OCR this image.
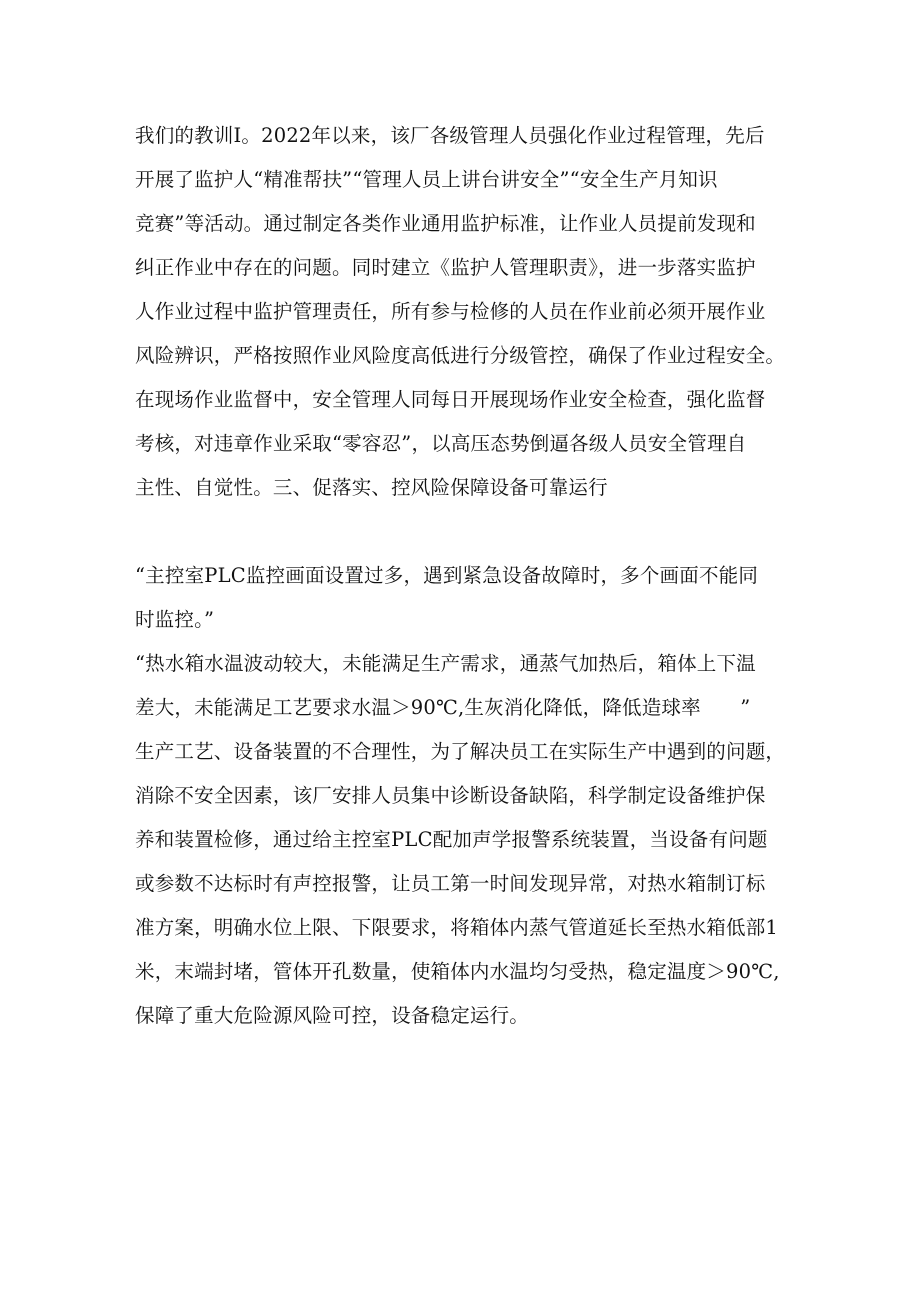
我们的教训Ⅰ。2022年以来，该厂各级管理人员强化作业过程管理，先后
开展了监护人“精准帮扶”“管理人员上讲台讲安全”“安全生产月知识
竞赛”等活动。通过制定各类作业通用监护标准，让作业人员提前发现和
纠正作业中存在的问题。同时建立《监护人管理职责》，进一步落实监护
人作业过程中监护管理责任，所有参与检修的人员在作业前必须开展作业
风险辨识，严格按照作业风险度高低进行分级管控，确保了作业过程安全。
在现场作业监督中，安全管理人同每日开展现场作业安全检查，强化监督
考核，对违章作业采取“零容忍”，以高压态势倒逼各级人员安全管理自
主性、自觉性。三、促落实、控风险保障设备可靠运行
“主控室PLC监控画面设置过多，遇到紧急设备故障时，多个画面不能同
时监控。”
“热水箱水温波动较大，未能满足生产需求，通蒸气加热后，箱体上下温
差大，未能满足工艺要求水温＞90℃,生灰消化降低，降低造球率　　”
生产工艺、设备装置的不合理性，为了解决员工在实际生产中遇到的问题，
消除不安全因素，该厂安排人员集中诊断设备缺陷，科学制定设备维护保
养和装置检修，通过给主控室PLC配加声学报警系统装置，当设备有问题
或参数不达标时有声控报警，让员工第一时间发现异常，对热水箱制订标
准方案，明确水位上限、下限要求，将箱体内蒸气管道延长至热水箱低部1
米，末端封堵，管体开孔数量，使箱体内水温均匀受热，稳定温度＞90℃,
保障了重大危险源风险可控，设备稳定运行。
